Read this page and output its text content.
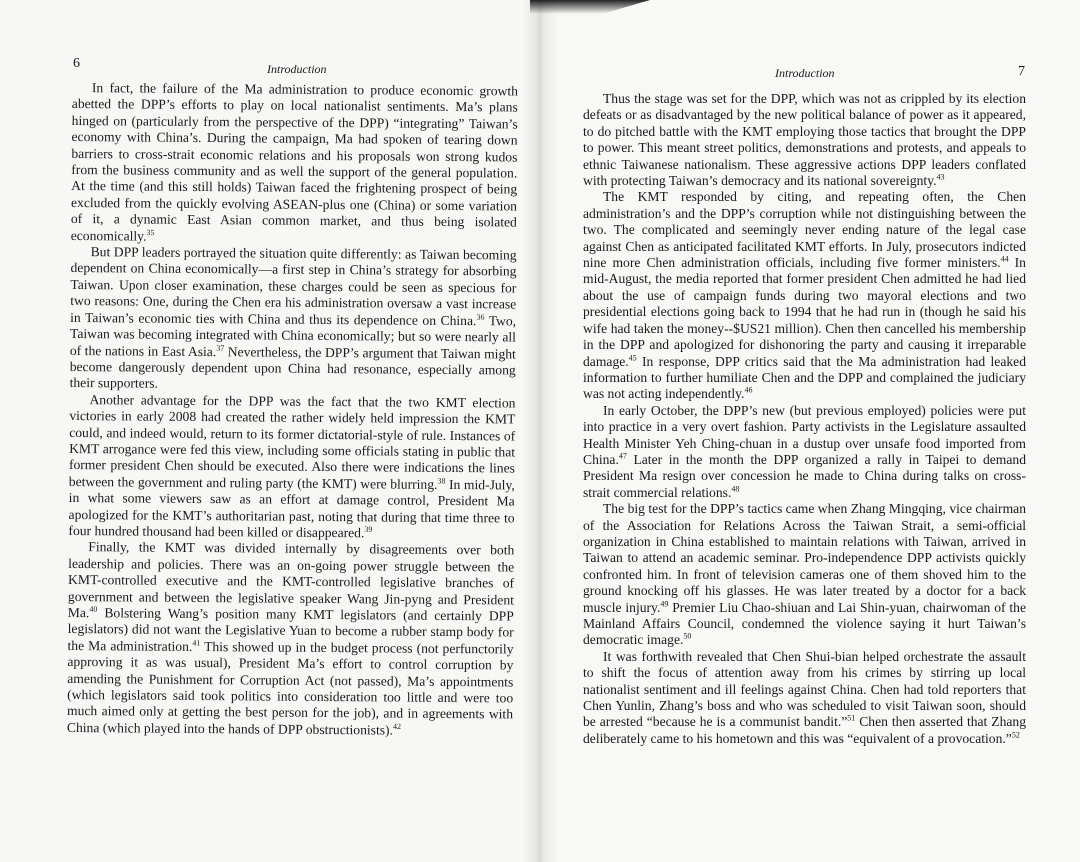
6	Introduction

In fact, the failure of the Ma administration to produce economic growth abetted the DPP’s efforts to play on local nationalist sentiments. Ma’s plans hinged on (particularly from the perspective of the DPP) “integrating” Taiwan’s economy with China’s. During the campaign, Ma had spoken of tearing down barriers to cross-strait economic relations and his proposals won strong kudos from the business community and as well the support of the general population. At the time (and this still holds) Taiwan faced the frightening prospect of being excluded from the quickly evolving ASEAN-plus one (China) or some variation of it, a dynamic East Asian common market, and thus being isolated economically.$^{35}$

But DPP leaders portrayed the situation quite differently: as Taiwan becoming dependent on China economically—a first step in China’s strategy for absorbing Taiwan. Upon closer examination, these charges could be seen as specious for two reasons: One, during the Chen era his administration oversaw a vast increase in Taiwan’s economic ties with China and thus its dependence on China.$^{36}$ Two, Taiwan was becoming integrated with China economically; but so were nearly all of the nations in East Asia.$^{37}$ Nevertheless, the DPP’s argument that Taiwan might become dangerously dependent upon China had resonance, especially among their supporters.

Another advantage for the DPP was the fact that the two KMT election victories in early 2008 had created the rather widely held impression the KMT could, and indeed would, return to its former dictatorial-style of rule. Instances of KMT arrogance were fed this view, including some officials stating in public that former president Chen should be executed. Also there were indications the lines between the government and ruling party (the KMT) were blurring.$^{38}$ In mid-July, in what some viewers saw as an effort at damage control, President Ma apologized for the KMT’s authoritarian past, noting that during that time three to four hundred thousand had been killed or disappeared.$^{39}$

Finally, the KMT was divided internally by disagreements over both leadership and policies. There was an on-going power struggle between the KMT-controlled executive and the KMT-controlled legislative branches of government and between the legislative speaker Wang Jin-pyng and President Ma.$^{40}$ Bolstering Wang’s position many KMT legislators (and certainly DPP legislators) did not want the Legislative Yuan to become a rubber stamp body for the Ma administration.$^{41}$ This showed up in the budget process (not perfunctorily approving it as was usual), President Ma’s effort to control corruption by amending the Punishment for Corruption Act (not passed), Ma’s appointments (which legislators said took politics into consideration too little and were too much aimed only at getting the best person for the job), and in agreements with China (which played into the hands of DPP obstructionists).$^{42}$

Introduction	7

Thus the stage was set for the DPP, which was not as crippled by its election defeats or as disadvantaged by the new political balance of power as it appeared, to do pitched battle with the KMT employing those tactics that brought the DPP to power. This meant street politics, demonstrations and protests, and appeals to ethnic Taiwanese nationalism. These aggressive actions DPP leaders conflated with protecting Taiwan’s democracy and its national sovereignty.$^{43}$

The KMT responded by citing, and repeating often, the Chen administration’s and the DPP’s corruption while not distinguishing between the two. The complicated and seemingly never ending nature of the legal case against Chen as anticipated facilitated KMT efforts. In July, prosecutors indicted nine more Chen administration officials, including five former ministers.$^{44}$ In mid-August, the media reported that former president Chen admitted he had lied about the use of campaign funds during two mayoral elections and two presidential elections going back to 1994 that he had run in (though he said his wife had taken the money--$US21 million). Chen then cancelled his membership in the DPP and apologized for dishonoring the party and causing it irreparable damage.$^{45}$ In response, DPP critics said that the Ma administration had leaked information to further humiliate Chen and the DPP and complained the judiciary was not acting independently.$^{46}$

In early October, the DPP’s new (but previous employed) policies were put into practice in a very overt fashion. Party activists in the Legislature assaulted Health Minister Yeh Ching-chuan in a dustup over unsafe food imported from China.$^{47}$ Later in the month the DPP organized a rally in Taipei to demand President Ma resign over concession he made to China during talks on cross-strait commercial relations.$^{48}$

The big test for the DPP’s tactics came when Zhang Mingqing, vice chairman of the Association for Relations Across the Taiwan Strait, a semi-official organization in China established to maintain relations with Taiwan, arrived in Taiwan to attend an academic seminar. Pro-independence DPP activists quickly confronted him. In front of television cameras one of them shoved him to the ground knocking off his glasses. He was later treated by a doctor for a back muscle injury.$^{49}$ Premier Liu Chao-shiuan and Lai Shin-yuan, chairwoman of the Mainland Affairs Council, condemned the violence saying it hurt Taiwan’s democratic image.$^{50}$

It was forthwith revealed that Chen Shui-bian helped orchestrate the assault to shift the focus of attention away from his crimes by stirring up local nationalist sentiment and ill feelings against China. Chen had told reporters that Chen Yunlin, Zhang’s boss and who was scheduled to visit Taiwan soon, should be arrested “because he is a communist bandit.”$^{51}$ Chen then asserted that Zhang deliberately came to his hometown and this was “equivalent of a provocation.”$^{52}$
